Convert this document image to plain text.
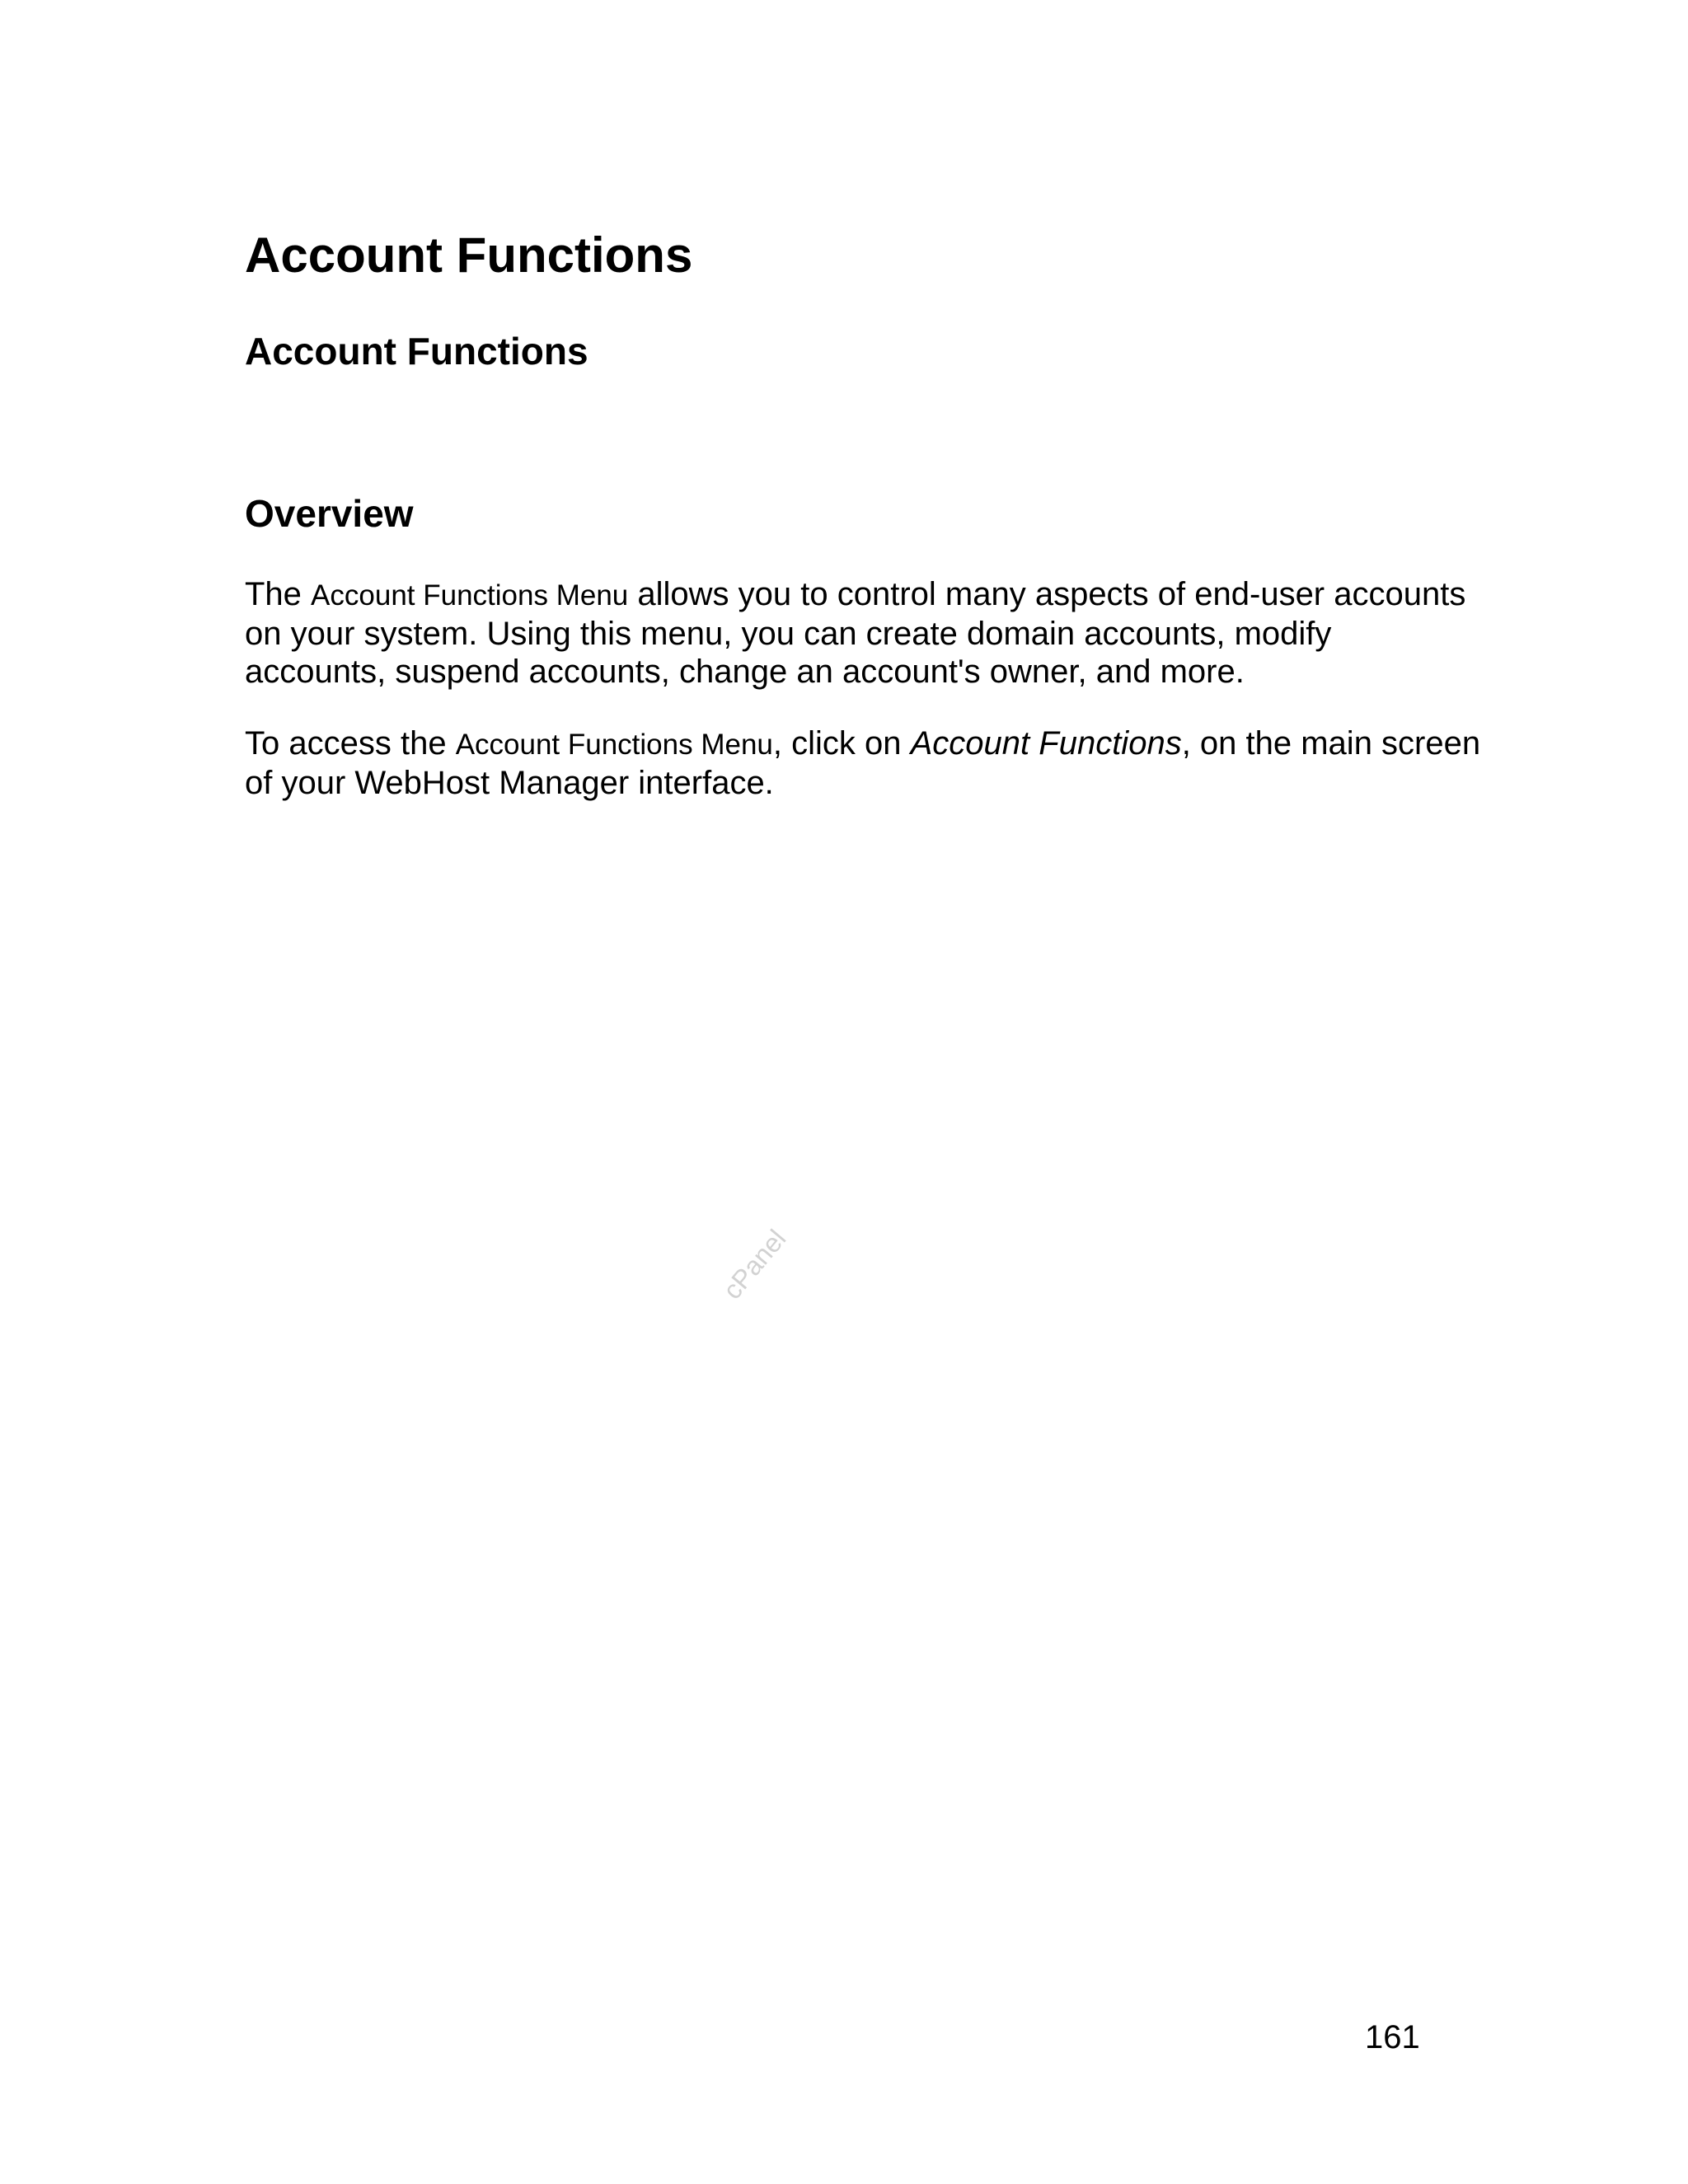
Account Functions
Account Functions
Overview

The Account Functions Menu allows you to control many aspects of end-user accounts on your system. Using this menu, you can create domain accounts, modify accounts, suspend accounts, change an account's owner, and more.

To access the Account Functions Menu, click on Account Functions, on the main screen of your WebHost Manager interface.

cPanel
161
